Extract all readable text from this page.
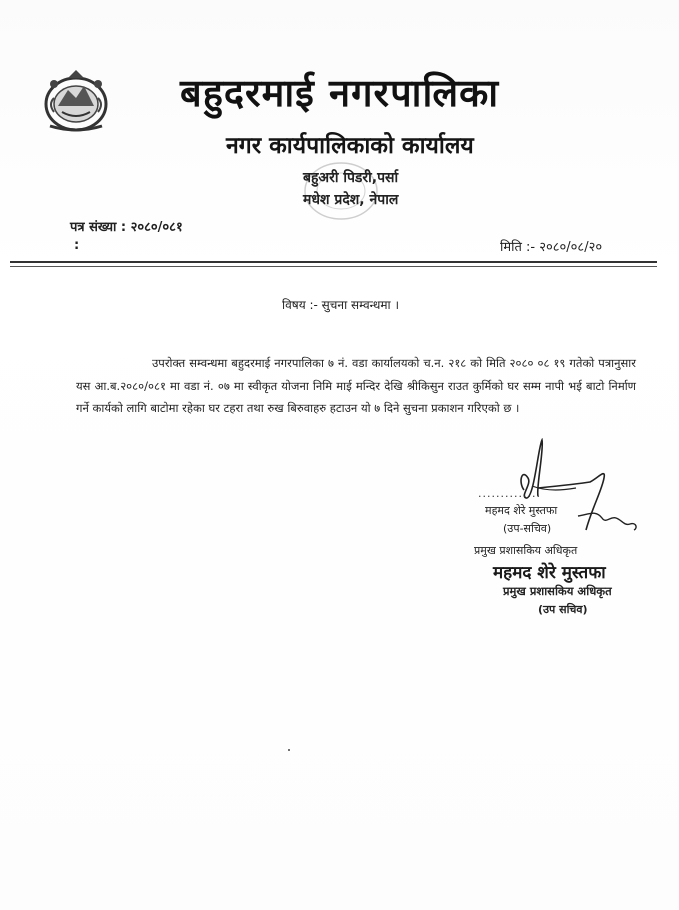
बहुदरमाई नगरपालिका
नगर कार्यपालिकाको कार्यालय
बहुअरी पिडरी,पर्सा
मधेश प्रदेश, नेपाल
पत्र संख्या : २०८०/०८१
:	मिति :- २०८०/०८/२०
विषय :- सुचना सम्वन्धमा ।

उपरोक्त सम्वन्धमा बहुदरमाई नगरपालिका ७ नं. वडा कार्यालयको च.न. २१८ को मिति २०८० ०८ १९ गतेको पत्रानुसार यस आ.ब.२०८०/०८१ मा वडा नं. ०७ मा स्वीकृत योजना निमि माई मन्दिर देखि श्रीकिसुन राउत कुर्मिको घर सम्म नापी भई बाटो निर्माण गर्ने कार्यको लागि बाटोमा रहेका घर टहरा तथा रुख बिरुवाहरु हटाउन यो ७ दिने सुचना प्रकाशन गरिएको छ ।

..............
महमद शेरे मुस्तफा
(उप-सचिव)
प्रमुख प्रशासकिय अधिकृत
महमद शेरे मुस्तफा
प्रमुख प्रशासकिय अधिकृत
(उप सचिव)
